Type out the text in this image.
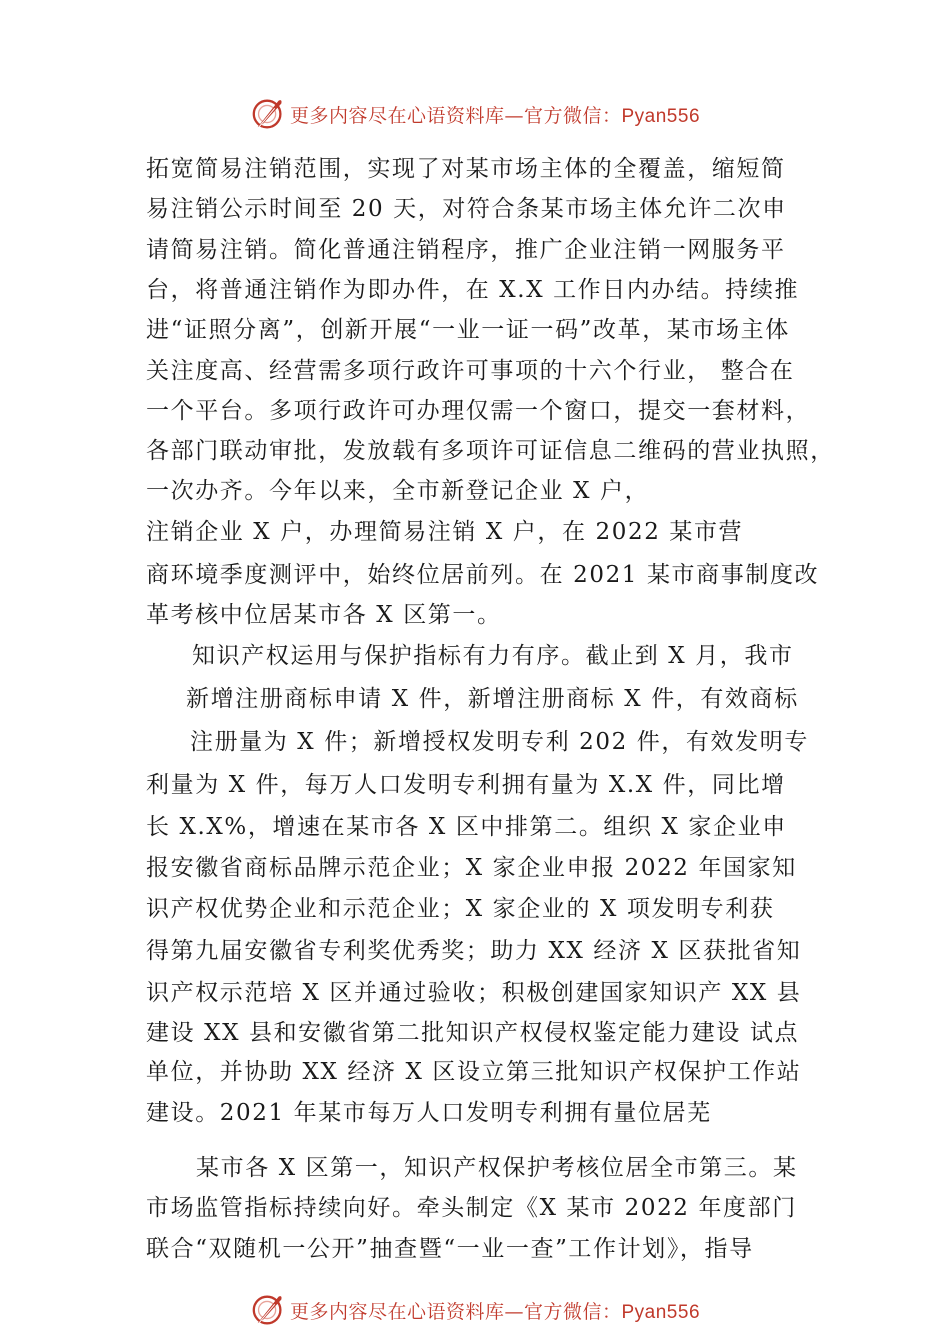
更多内容尽在心语资料库—官方微信：Pyan556
拓宽简易注销范围，实现了对某市场主体的全覆盖，缩短简
易注销公示时间至 20 天，对符合条某市场主体允许二次申
请简易注销。简化普通注销程序，推广企业注销一网服务平
台，将普通注销作为即办件，在 X.X 工作日内办结。持续推
进“证照分离”，创新开展“一业一证一码”改革，某市场主体
关注度高、经营需多项行政许可事项的十六个行业， 整合在
一个平台。多项行政许可办理仅需一个窗口，提交一套材料，
各部门联动审批，发放载有多项许可证信息二维码的营业执照，
一次办齐。今年以来，全市新登记企业 X 户，
注销企业 X 户，办理简易注销 X 户，在 2022 某市营
商环境季度测评中，始终位居前列。在 2021 某市商事制度改
革考核中位居某市各 X 区第一。
知识产权运用与保护指标有力有序。截止到 X 月，我市
新增注册商标申请 X 件，新增注册商标 X 件，有效商标
注册量为 X 件；新增授权发明专利 202 件，有效发明专
利量为 X 件，每万人口发明专利拥有量为 X.X 件，同比增
长 X.X%，增速在某市各 X 区中排第二。组织 X 家企业申
报安徽省商标品牌示范企业；X 家企业申报 2022 年国家知
识产权优势企业和示范企业；X 家企业的 X 项发明专利获
得第九届安徽省专利奖优秀奖；助力 XX 经济 X 区获批省知
识产权示范培 X 区并通过验收；积极创建国家知识产 XX 县
建设 XX 县和安徽省第二批知识产权侵权鉴定能力建设 试点
单位，并协助 XX 经济 X 区设立第三批知识产权保护工作站
建设。2021 年某市每万人口发明专利拥有量位居芜
某市各 X 区第一，知识产权保护考核位居全市第三。某
市场监管指标持续向好。牵头制定《X 某市 2022 年度部门
联合“双随机一公开”抽查暨“一业一查”工作计划》，指导
更多内容尽在心语资料库—官方微信：Pyan556
